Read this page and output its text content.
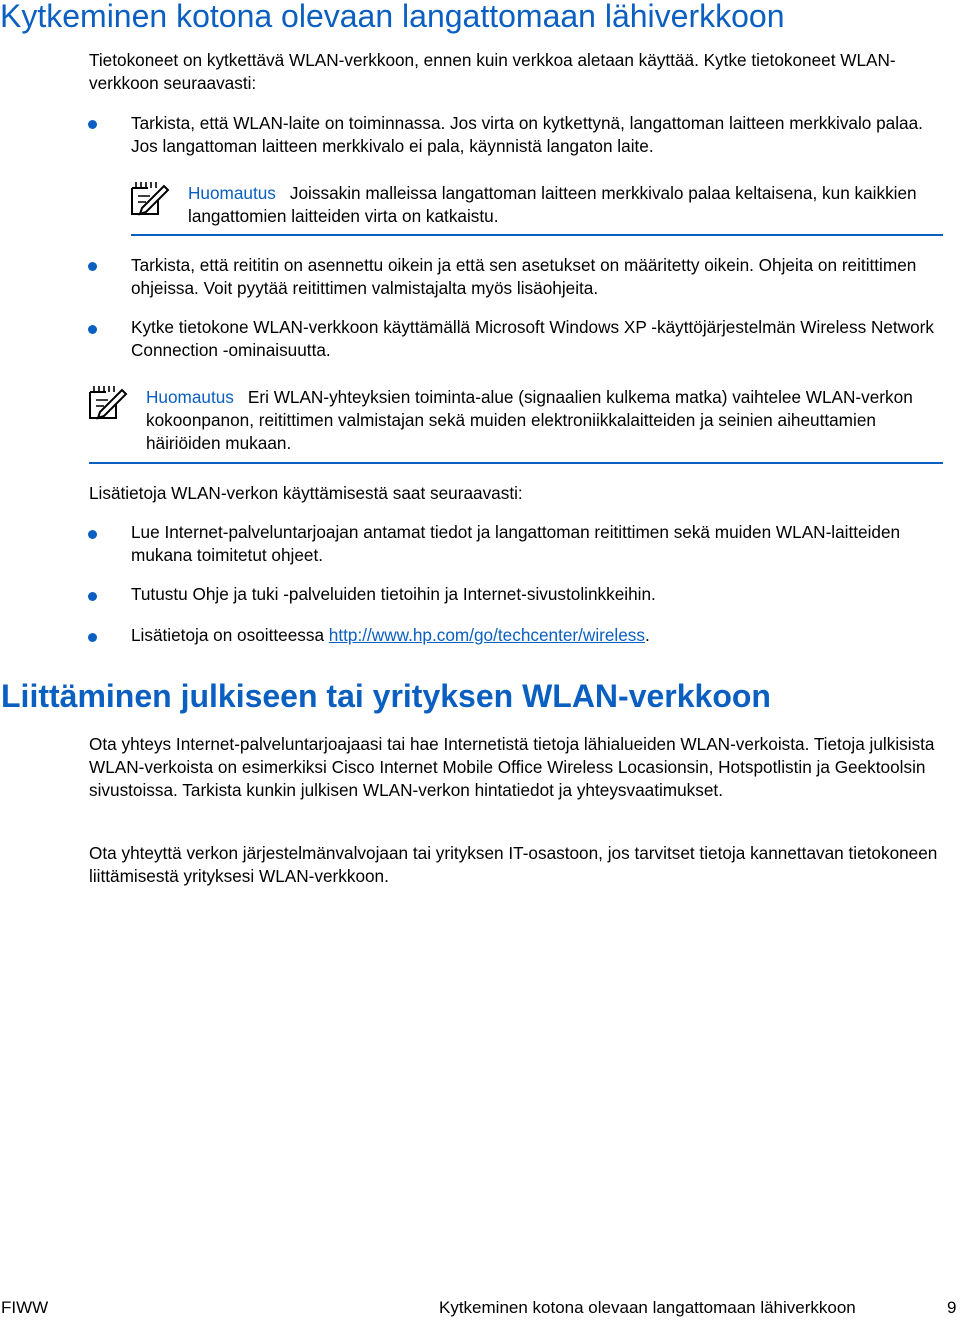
Kytkeminen kotona olevaan langattomaan lähiverkkoon
Tietokoneet on kytkettävä WLAN-verkkoon, ennen kuin verkkoa aletaan käyttää. Kytke tietokoneet WLAN-verkkoon seuraavasti:
Tarkista, että WLAN-laite on toiminnassa. Jos virta on kytkettynä, langattoman laitteen merkkivalo palaa. Jos langattoman laitteen merkkivalo ei pala, käynnistä langaton laite.
Huomautus Joissakin malleissa langattoman laitteen merkkivalo palaa keltaisena, kun kaikkien langattomien laitteiden virta on katkaistu.
Tarkista, että reititin on asennettu oikein ja että sen asetukset on määritetty oikein. Ohjeita on reitittimen ohjeissa. Voit pyytää reitittimen valmistajalta myös lisäohjeita.
Kytke tietokone WLAN-verkkoon käyttämällä Microsoft Windows XP -käyttöjärjestelmän Wireless Network Connection -ominaisuutta.
Huomautus Eri WLAN-yhteyksien toiminta-alue (signaalien kulkema matka) vaihtelee WLAN-verkon kokoonpanon, reitittimen valmistajan sekä muiden elektroniikkalaitteiden ja seinien aiheuttamien häiriöiden mukaan.
Lisätietoja WLAN-verkon käyttämisestä saat seuraavasti:
Lue Internet-palveluntarjoajan antamat tiedot ja langattoman reitittimen sekä muiden WLAN-laitteiden mukana toimitetut ohjeet.
Tutustu Ohje ja tuki -palveluiden tietoihin ja Internet-sivustolinkkeihin.
Lisätietoja on osoitteessa http://www.hp.com/go/techcenter/wireless.
Liittäminen julkiseen tai yrityksen WLAN-verkkoon
Ota yhteys Internet-palveluntarjoajaasi tai hae Internetistä tietoja lähialueiden WLAN-verkoista. Tietoja julkisista WLAN-verkoista on esimerkiksi Cisco Internet Mobile Office Wireless Locasionsin, Hotspotlistin ja Geektoolsin sivustoissa. Tarkista kunkin julkisen WLAN-verkon hintatiedot ja yhteysvaatimukset.
Ota yhteyttä verkon järjestelmänvalvojaan tai yrityksen IT-osastoon, jos tarvitset tietoja kannettavan tietokoneen liittämisestä yrityksesi WLAN-verkkoon.
FIWW	Kytkeminen kotona olevaan langattomaan lähiverkkoon	9
